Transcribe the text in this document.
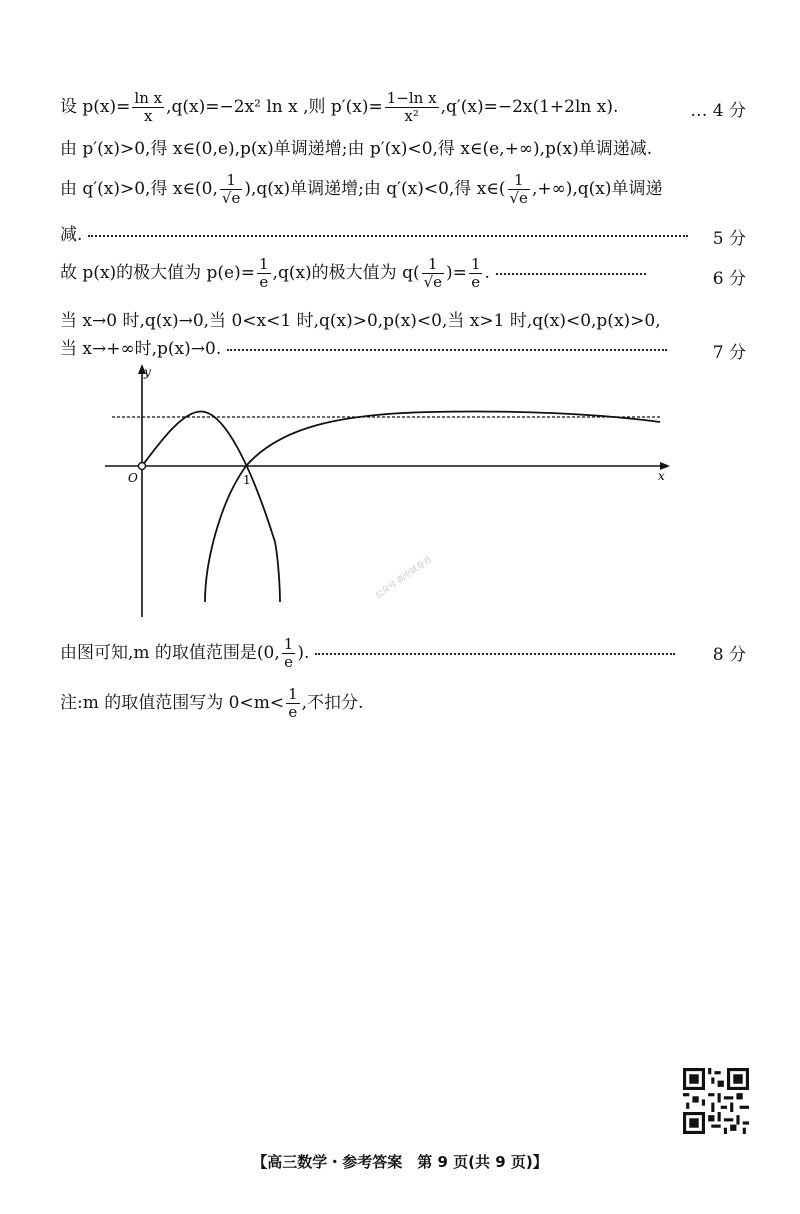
设 $p(x)= \frac{\text{ln x}}{x} ,q(x)=-2x^2$ ln x ,则 $p'(x)= \frac{\text{1−ln x}}{\text{x²}} ,q'(x)=-2x(1+2\ln$ x).	… 4 分
由 p′(x)>0,得 x∈(0,e),p(x)单调递增;由 p′(x)<0,得 x∈(e,+∞),p(x)单调递减.
由 q′(x)>0,得 x∈(0, $\frac{1}{√e} ),q(x)$单调递增;由 q′(x)<0,得 x∈( $\frac{1}{√e} ,+\infty),q(x)$单调递
减.	5 分
故 p(x)的极大值为 $p(e)= \frac{1}{e} ,q(x)$的极大值为 $q( \frac{1}{√e}$ )= $\frac{1}{e}$ .	6 分
当 x→0 时,q(x)→0,当 0<x<1 时,q(x)>0,p(x)<0,当 x>1 时,q(x)<0,p(x)>0,
当 x→+∞时,p(x)→0.	7 分
y
x
O	1
公众号 高中试卷君
由图可知,m 的取值范围是(0, $\frac{1}{e}$ ).	8 分
注:m 的取值范围写为 $0<m< \frac{1}{e}$ ,不扣分.
【高三数学・参考答案　第 9 页(共 9 页)】
